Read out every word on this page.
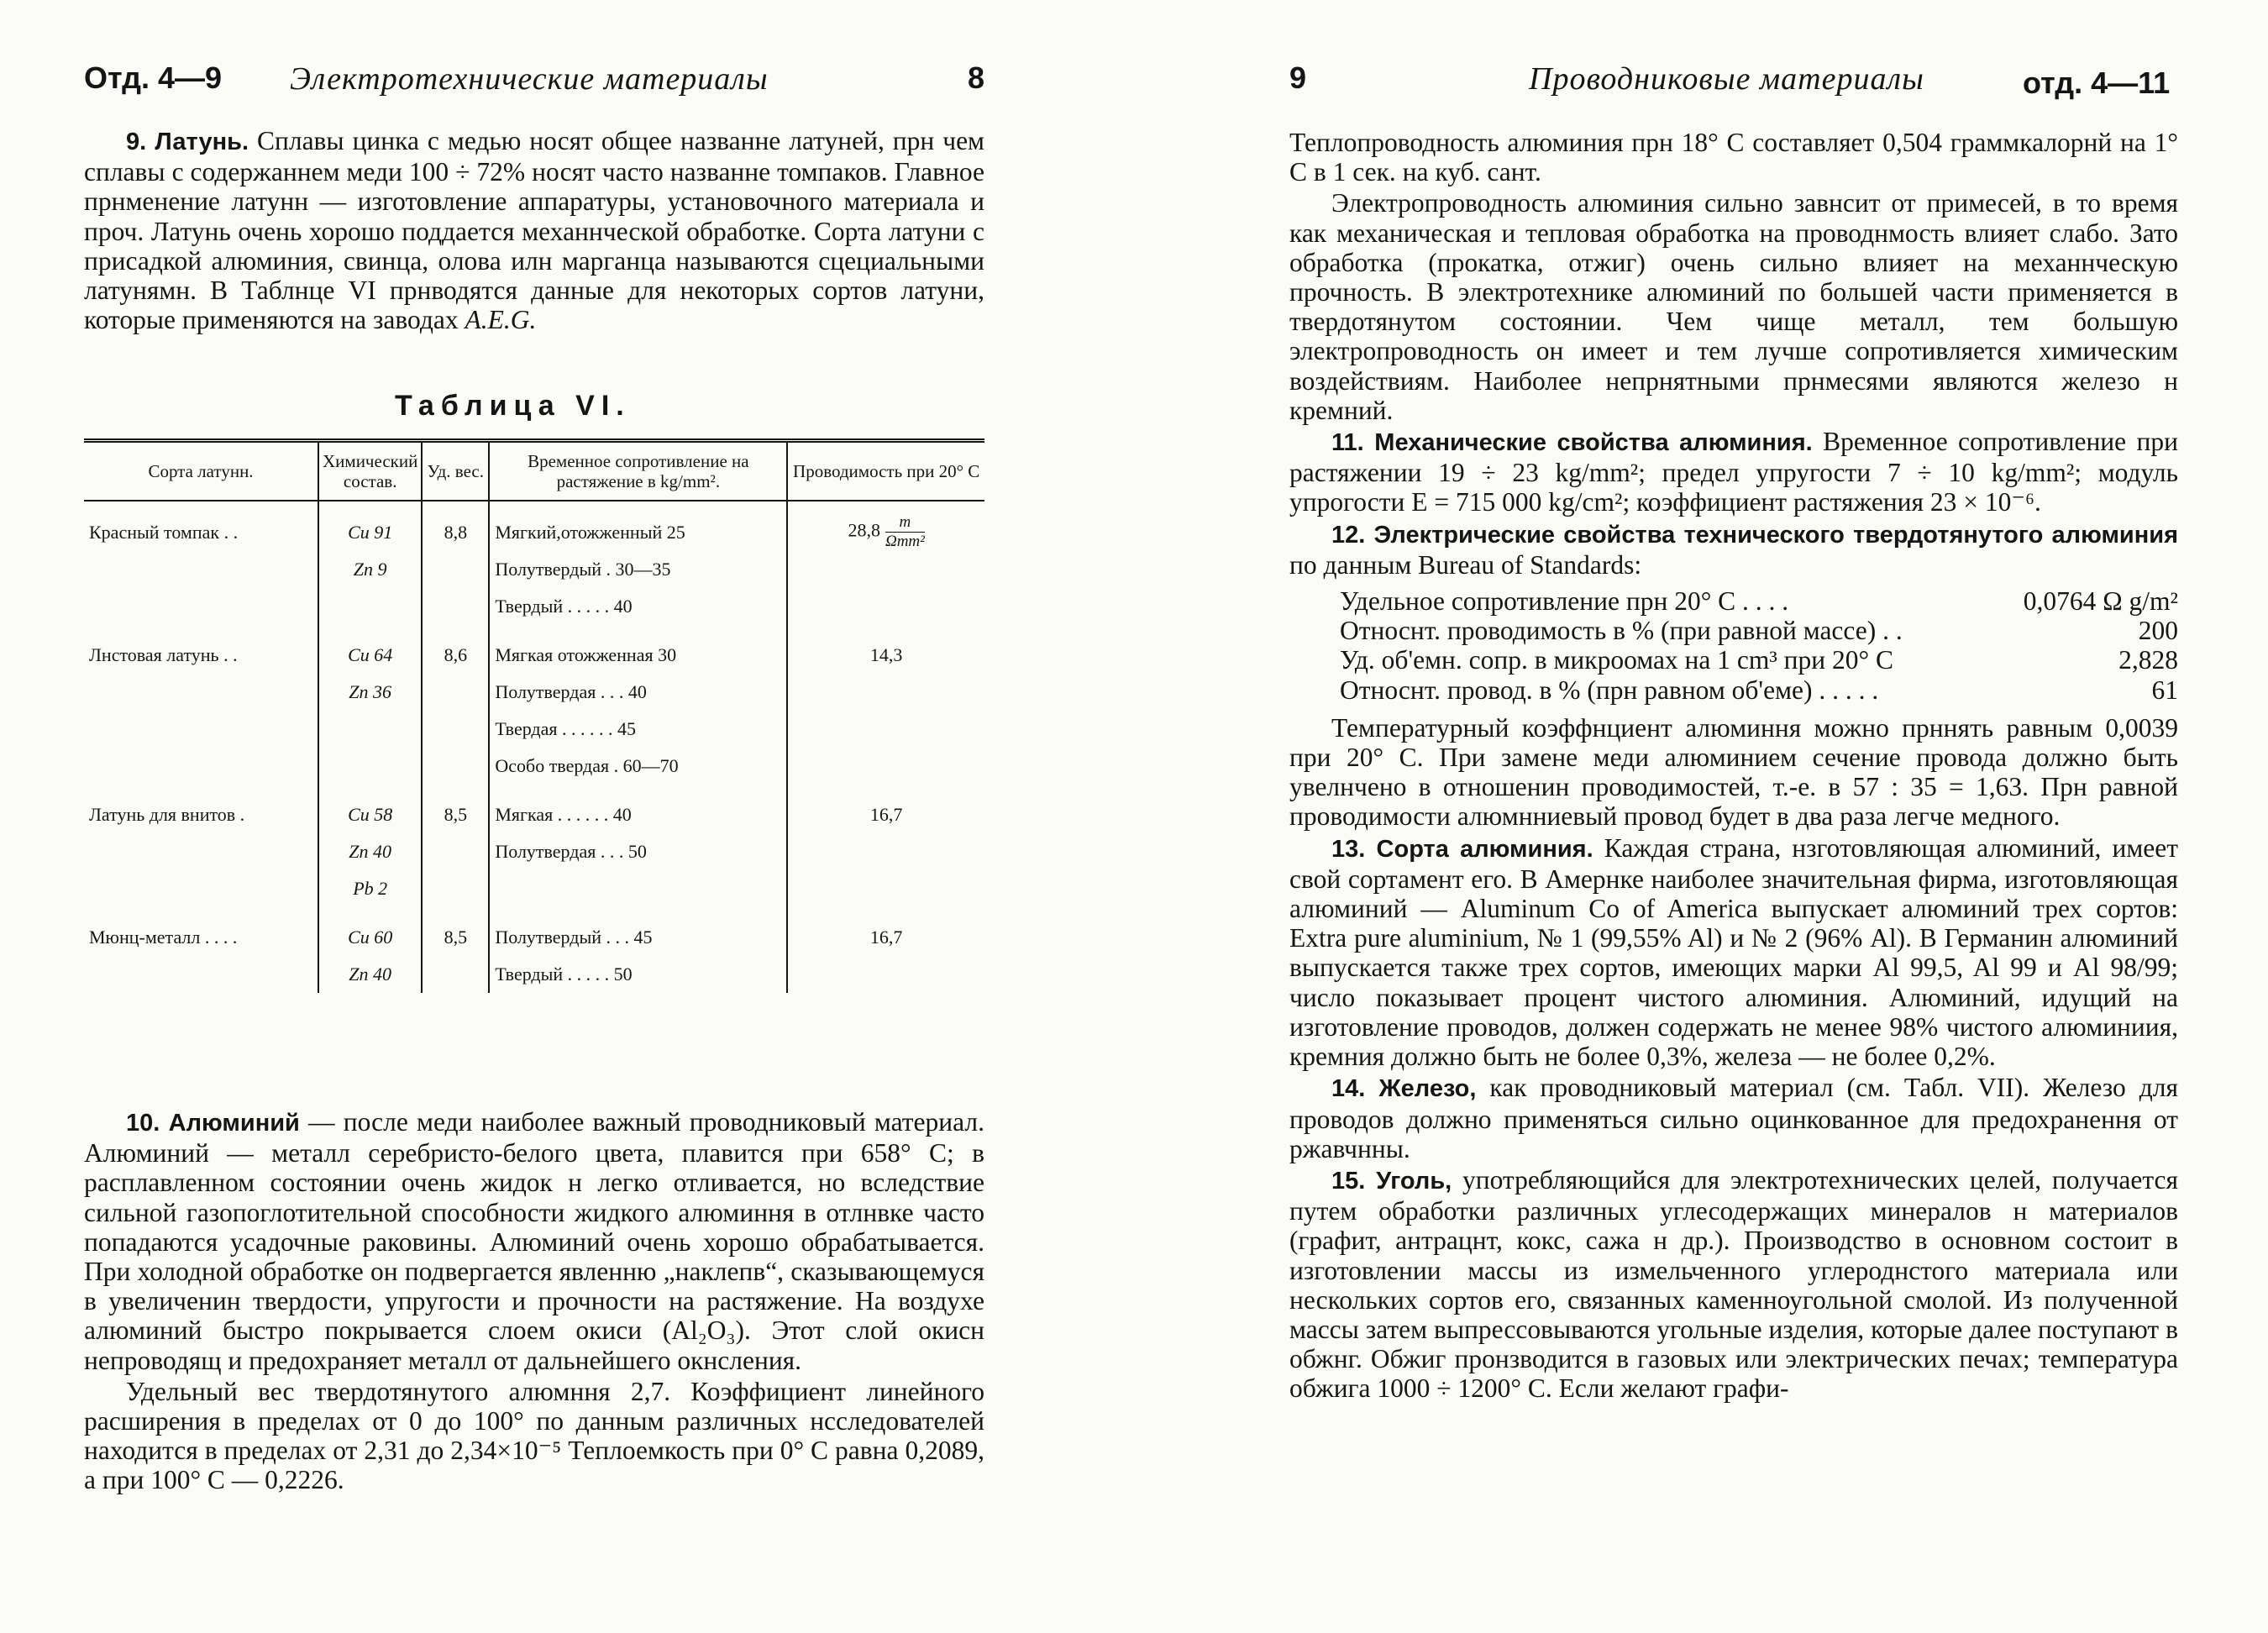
Отд. 4—9 Электротехнические материалы	8

9. Латунь. Сплавы цинка с медью носят общее названне латуней, прн чем сплавы с содержаннем меди 100 ÷ 72% носят часто названне томпаков. Главное прнменение латунн — изготовление аппаратуры, установочного материала и проч. Латунь очень хорошо поддается механнческой обработке. Сорта латуни с присадкой алюминия, свинца, олова илн марганца называются сцециальными латунямн. В Таблнце VI прнводятся данные для некоторых сортов латуни, которые применяются на заводах A.E.G.

Таблица VI.
Сорта латунн.	Химический состав.	Уд. вес.	Временное сопротивление на растяжение в kg/mm².	Проводимость при 20° С

Красный томпак . .	Cu 91	8,8	Мягкий,отожженный 25	$28,8 \frac{m}{\text{Ωmm²}}$

	Zn 9		Полутвердый . 30—35	
			Твердый . . . . . 40	

Лнстовая латунь . .	Cu 64	8,6	Мягкая отожженная 30	14,3
	Zn 36		Полутвердая . . . 40	
			Твердая . . . . . . 45	
			Особо твердая . 60—70	

Латунь для внитов .	Cu 58	8,5	Мягкая . . . . . . 40	16,7
	Zn 40		Полутвердая . . . 50	
	Pb 2			

Мюнц-металл . . . .	Cu 60	8,5	Полутвердый . . . 45	16,7
	Zn 40		Твердый . . . . . 50	

10. Алюминий — после меди наиболее важный проводниковый материал. Алюминий — металл серебристо-белого цвета, плавится при 658° С; в расплавленном состоянии очень жидок н легко отливается, но вследствие сильной газопоглотительной способности жидкого алюминня в отлнвке часто попадаются усадочные раковины. Алюминий очень хорошо обрабатывается. При холодной обработке он подвергается явленню „наклепв“, сказывающемуся в увеличенин твердости, упругости и прочности на растяжение. На воздухе алюминий быстро покрывается слоем окиси (Al₂O₃). Этот слой окисн непроводящ и предохраняет металл от дальнейшего окнсления.

Удельный вес твердотянутого алюмння 2,7. Коэффициент линейного расширения в пределах от 0 до 100° по данным различных нсследователей находится в пределах от 2,31 до 2,34×10⁻⁵ Теплоемкость при 0° С равна 0,2089, а при 100° С — 0,2226.

9	Проводниковые материалы	отд. 4—11

Теплопроводность алюминия прн 18° С составляет 0,504 граммкалорнй на 1° С в 1 сек. на куб. сант.

Электропроводность алюминия сильно завнсит от примесей, в то время как механическая и тепловая обработка на проводнмость влияет слабо. Зато обработка (прокатка, отжиг) очень сильно влияет на механнческую прочность. В электротехнике алюминий по большей части применяется в твердотянутом состоянии. Чем чище металл, тем большую электропроводность он имеет и тем лучше сопротивляется химическим воздействиям. Наиболее непрнятными прнмесями являются железо н кремний.

11. Механические свойства алюминия. Временное сопротивление при растяжении 19 ÷ 23 kg/mm²; предел упругости 7 ÷ 10 kg/mm²; модуль упрогости E = 715 000 kg/cm²; коэффициент растяжения 23 × 10⁻⁶.

12. Электрические свойства технического твердотянутого алюминия по данным Bureau of Standards:

Удельное сопротивление прн 20° С . . . .	0,0764 Ω g/m²
Относнт. проводимость в % (при равной массе) . .	200
Уд. об'емн. сопр. в микроомах на 1 cm³ при 20° С	2,828
Относнт. провод. в % (прн равном об'еме) . . . . .	61

Температурный коэффнциент алюминня можно прннять равным 0,0039 при 20° С. При замене меди алюминием сечение провода должно быть увелнчено в отношенин проводимостей, т.-е. в 57 : 35 = 1,63. Прн равной проводимости алюмнниевый провод будет в два раза легче медного.

13. Сорта алюминия. Каждая страна, нзготовляющая алюминий, имеет свой сортамент его. В Амернке наиболее значительная фирма, изготовляющая алюминий — Aluminum Co of America выпускает алюминий трех сортов: Extra pure aluminium, № 1 (99,55% Al) и № 2 (96% Al). В Германин алюминий выпускается также трех сортов, имеющих марки Al 99,5, Al 99 и Al 98/99; число показывает процент чистого алюминия. Алюминий, идущий на изготовление проводов, должен содержать не менее 98% чистого алюминиия, кремния должно быть не более 0,3%, железа — не более 0,2%.

14. Железо, как проводниковый материал (см. Табл. VII). Железо для проводов должно применяться сильно оцинкованное для предохранення от ржавчнны.

15. Уголь, употребляющийся для электротехнических целей, получается путем обработки различных углесодержащих минералов н материалов (графит, антрацнт, кокс, сажа н др.). Производство в основном состоит в изготовлении массы из измельченного углероднстого материала или нескольких сортов его, связанных каменноугольной смолой. Из полученной массы затем выпрессовываются угольные изделия, которые далее поступают в обжнг. Обжиг пронзводится в газовых или электрических печах; температура обжига 1000 ÷ 1200° С. Если желают графи-
